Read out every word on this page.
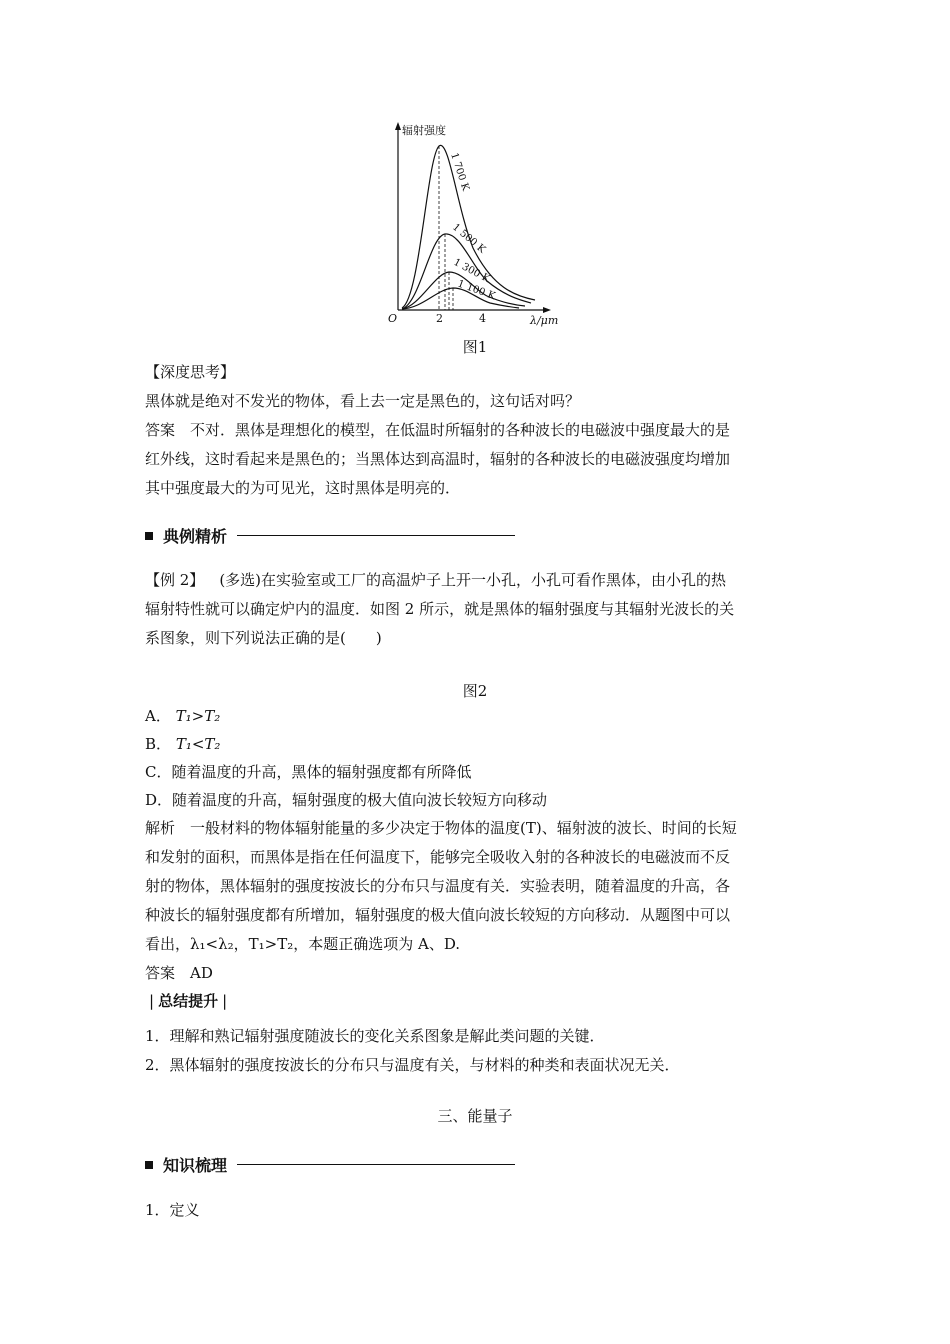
辐射强度
λ/μm
O	2	4
1 700 K
1 500 K
1 300 K
1 100 K
图1

【深度思考】

黑体就是绝对不发光的物体，看上去一定是黑色的，这句话对吗？

答案  不对．黑体是理想化的模型，在低温时所辐射的各种波长的电磁波中强度最大的是
红外线，这时看起来是黑色的；当黑体达到高温时，辐射的各种波长的电磁波强度均增加
其中强度最大的为可见光，这时黑体是明亮的．
典例精析
【例 2】  (多选)在实验室或工厂的高温炉子上开一小孔，小孔可看作黑体，由小孔的热
辐射特性就可以确定炉内的温度．如图 2 所示，就是黑体的辐射强度与其辐射光波长的关
系图象，则下列说法正确的是(　　)
图2
A． T₁>T₂
B． T₁<T₂
C．随着温度的升高，黑体的辐射强度都有所降低
D．随着温度的升高，辐射强度的极大值向波长较短方向移动
解析  一般材料的物体辐射能量的多少决定于物体的温度(T)、辐射波的波长、时间的长短
和发射的面积，而黑体是指在任何温度下，能够完全吸收入射的各种波长的电磁波而不反
射的物体，黑体辐射的强度按波长的分布只与温度有关．实验表明，随着温度的升高，各
种波长的辐射强度都有所增加，辐射强度的极大值向波长较短的方向移动．从题图中可以
看出，λ₁<λ₂，T₁>T₂，本题正确选项为 A、D.
答案  AD
| 总结提升 |
1．理解和熟记辐射强度随波长的变化关系图象是解此类问题的关键．
2．黑体辐射的强度按波长的分布只与温度有关，与材料的种类和表面状况无关．
三、能量子
知识梳理

1．定义
